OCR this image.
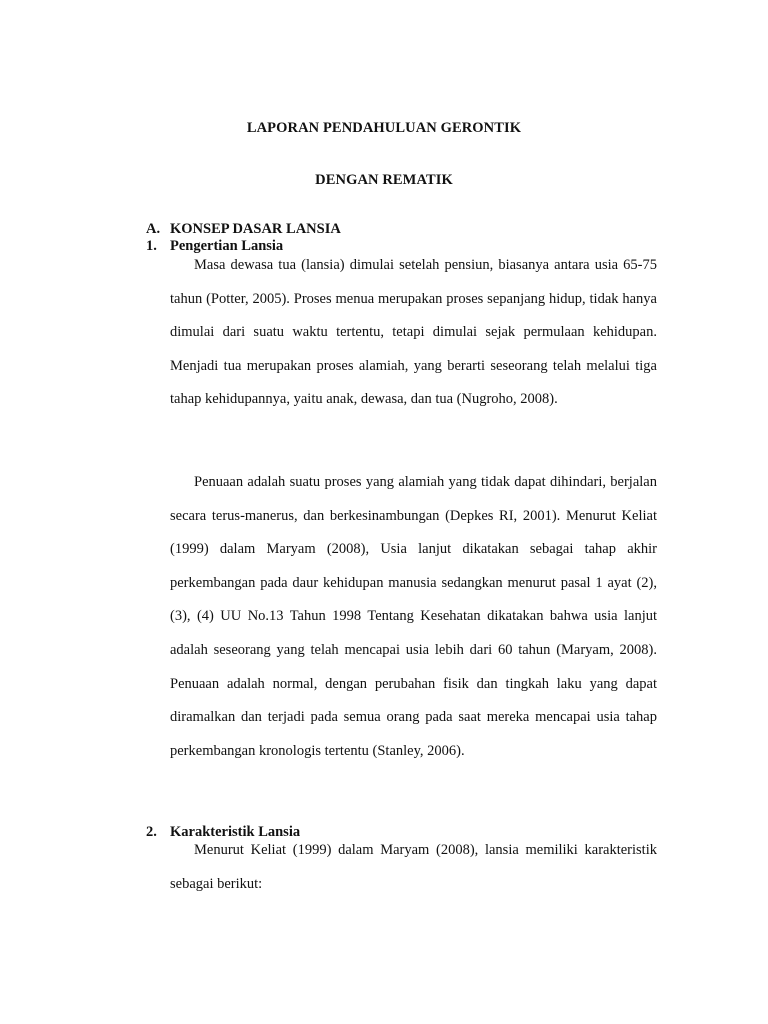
LAPORAN PENDAHULUAN GERONTIK
DENGAN REMATIK
A. KONSEP DASAR LANSIA
1. Pengertian Lansia

Masa dewasa tua (lansia) dimulai setelah pensiun, biasanya antara usia 65-75 tahun (Potter, 2005). Proses menua merupakan proses sepanjang hidup, tidak hanya dimulai dari suatu waktu tertentu, tetapi dimulai sejak permulaan kehidupan. Menjadi tua merupakan proses alamiah, yang berarti seseorang telah melalui tiga tahap kehidupannya, yaitu anak, dewasa, dan tua (Nugroho, 2008).

Penuaan adalah suatu proses yang alamiah yang tidak dapat dihindari, berjalan secara terus-manerus, dan berkesinambungan (Depkes RI, 2001). Menurut Keliat (1999) dalam Maryam (2008), Usia lanjut dikatakan sebagai tahap akhir perkembangan pada daur kehidupan manusia sedangkan menurut pasal 1 ayat (2), (3), (4) UU No.13 Tahun 1998 Tentang Kesehatan dikatakan bahwa usia lanjut adalah seseorang yang telah mencapai usia lebih dari 60 tahun (Maryam, 2008). Penuaan adalah normal, dengan perubahan fisik dan tingkah laku yang dapat diramalkan dan terjadi pada semua orang pada saat mereka mencapai usia tahap perkembangan kronologis tertentu (Stanley, 2006).

2. Karakteristik Lansia

Menurut Keliat (1999) dalam Maryam (2008), lansia memiliki karakteristik sebagai berikut:
